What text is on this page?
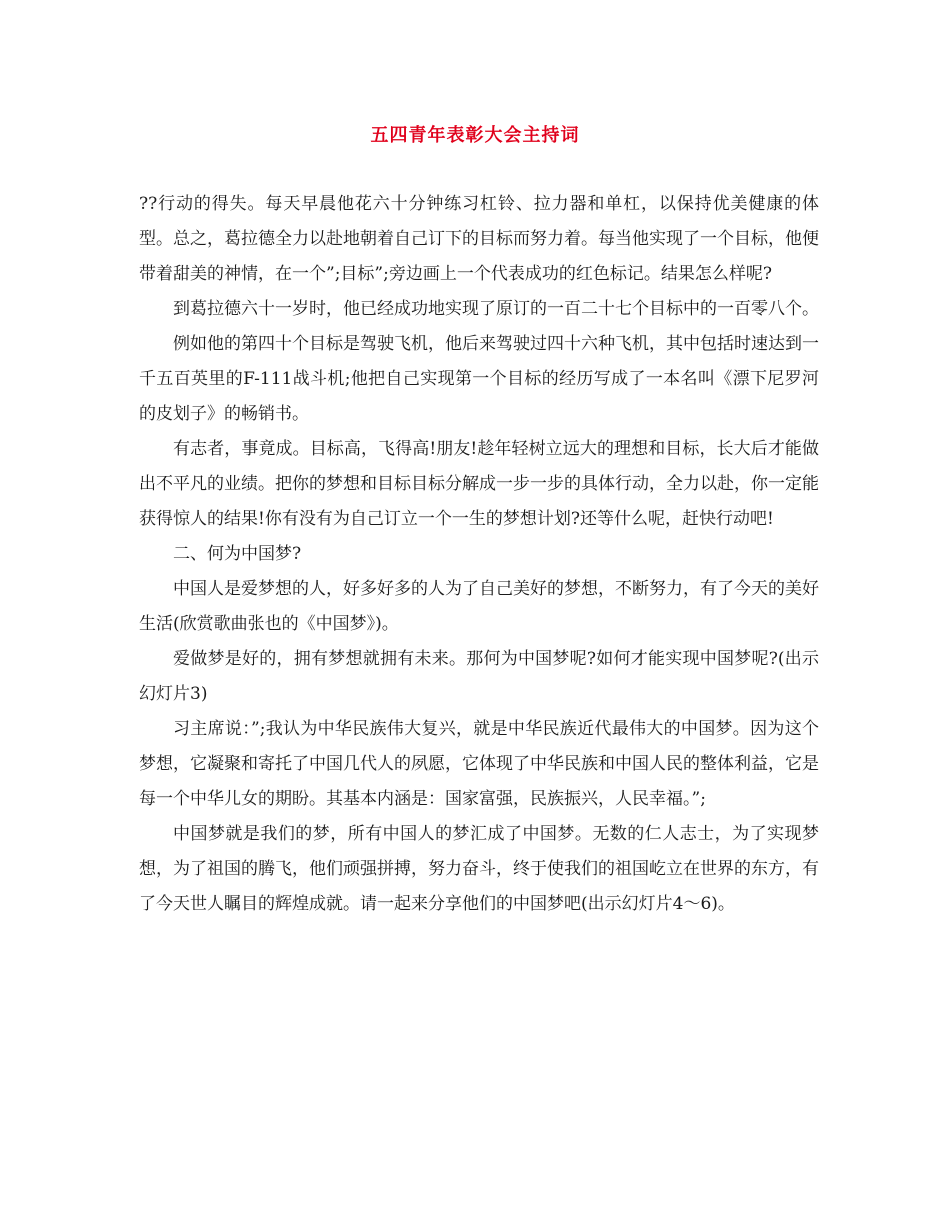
五四青年表彰大会主持词

??行动的得失。每天早晨他花六十分钟练习杠铃、拉力器和单杠，以保持优美健康的体型。总之，葛拉德全力以赴地朝着自己订下的目标而努力着。每当他实现了一个目标，他便带着甜美的神情，在一个”;目标”;旁边画上一个代表成功的红色标记。结果怎么样呢?

到葛拉德六十一岁时，他已经成功地实现了原订的一百二十七个目标中的一百零八个。

例如他的第四十个目标是驾驶飞机，他后来驾驶过四十六种飞机，其中包括时速达到一千五百英里的F-111战斗机;他把自己实现第一个目标的经历写成了一本名叫《漂下尼罗河的皮划子》的畅销书。

有志者，事竟成。目标高，飞得高!朋友!趁年轻树立远大的理想和目标，长大后才能做出不平凡的业绩。把你的梦想和目标目标分解成一步一步的具体行动，全力以赴，你一定能获得惊人的结果!你有没有为自己订立一个一生的梦想计划?还等什么呢，赶快行动吧!

二、何为中国梦?

中国人是爱梦想的人，好多好多的人为了自己美好的梦想，不断努力，有了今天的美好生活(欣赏歌曲张也的《中国梦》)。

爱做梦是好的，拥有梦想就拥有未来。那何为中国梦呢?如何才能实现中国梦呢?(出示幻灯片3)

习主席说：”;我认为中华民族伟大复兴，就是中华民族近代最伟大的中国梦。因为这个梦想，它凝聚和寄托了中国几代人的夙愿，它体现了中华民族和中国人民的整体利益，它是每一个中华儿女的期盼。其基本内涵是：国家富强，民族振兴，人民幸福。”;

中国梦就是我们的梦，所有中国人的梦汇成了中国梦。无数的仁人志士，为了实现梦想，为了祖国的腾飞，他们顽强拼搏，努力奋斗，终于使我们的祖国屹立在世界的东方，有了今天世人瞩目的辉煌成就。请一起来分享他们的中国梦吧(出示幻灯片4～6)。
